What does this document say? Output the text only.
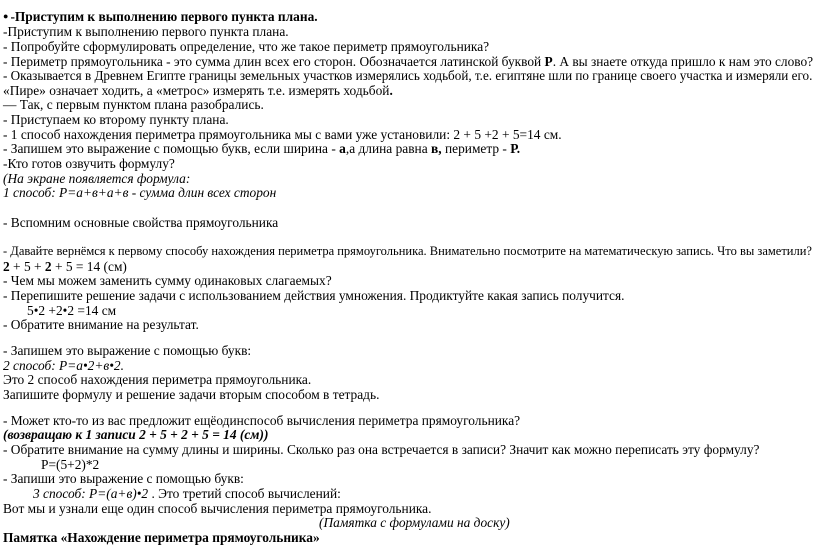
● -Приступим к выполнению первого пункта плана.
-Приступим к выполнению первого пункта плана.
- Попробуйте сформулировать определение, что же такое периметр прямоугольника?
- Периметр прямоугольника - это сумма длин всех его сторон. Обозначается латинской буквой Р. А вы знаете откуда пришло к нам это слово?
- Оказывается в Древнем Египте границы земельных участков измерялись ходьбой, т.е. египтяне шли по границе своего участка и измеряли его.
«Пире» означает ходить, а «метрос» измерять т.е. измерять ходьбой.
— Так, с первым пунктом плана разобрались.
- Приступаем ко второму пункту плана.
- 1 способ нахождения периметра прямоугольника мы с вами уже установили: 2 + 5 +2 + 5=14 см.
- Запишем это выражение с помощью букв, если ширина - а,а длина равна в, периметр - Р.
-Кто готов озвучить формулу?
(На экране появляется формула:
1 способ: Р=а+в+а+в - сумма длин всех сторон
- Вспомним основные свойства прямоугольника
- Давайте вернёмся к первому способу нахождения периметра прямоугольника. Внимательно посмотрите на математическую запись. Что вы заметили?
2 + 5 + 2 + 5 = 14 (см)
- Чем мы можем заменить сумму одинаковых слагаемых?
- Перепишите решение задачи с использованием действия умножения. Продиктуйте какая запись получится.
5•2 +2•2 =14 см
- Обратите внимание на результат.
- Запишем это выражение с помощью букв:
2 способ: Р=а•2+в•2.
Это 2 способ нахождения периметра прямоугольника.
Запишите формулу и решение задачи вторым способом в тетрадь.
- Может кто-то из вас предложит ещёодинспособ вычисления периметра прямоугольника?
(возвращаю к 1 записи 2 + 5 + 2 + 5 = 14 (см))
- Обратите внимание на сумму длины и ширины. Сколько раз она встречается в записи? Значит как можно переписать эту формулу?
Р=(5+2)*2
- Запиши это выражение с помощью букв:
3 способ: Р=(а+в)•2 . Это третий способ вычислений:
Вот мы и узнали еще один способ вычисления периметра прямоугольника.
(Памятка с формулами на доску)
Памятка «Нахождение периметра прямоугольника»
